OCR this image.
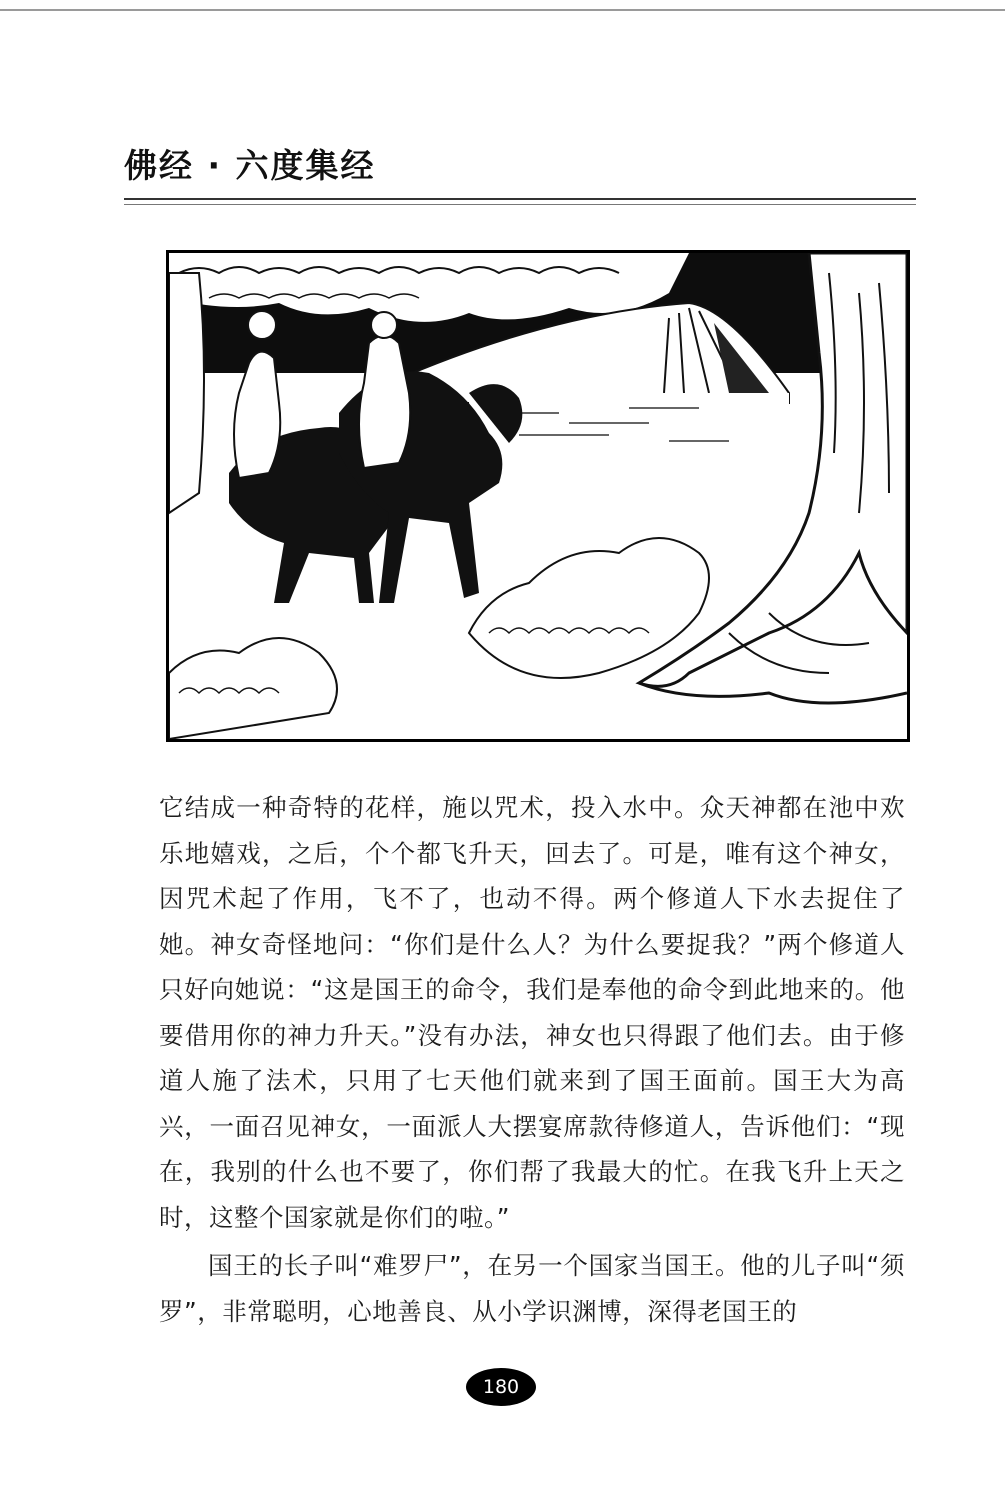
佛经 · 六度集经

它结成一种奇特的花样，施以咒术，投入水中。众天神都在池中欢乐地嬉戏，之后，个个都飞升天，回去了。可是，唯有这个神女，因咒术起了作用，飞不了，也动不得。两个修道人下水去捉住了她。神女奇怪地问：“你们是什么人？为什么要捉我？”两个修道人只好向她说：“这是国王的命令，我们是奉他的命令到此地来的。他要借用你的神力升天。”没有办法，神女也只得跟了他们去。由于修道人施了法术，只用了七天他们就来到了国王面前。国王大为高兴，一面召见神女，一面派人大摆宴席款待修道人，告诉他们：“现在，我别的什么也不要了，你们帮了我最大的忙。在我飞升上天之时，这整个国家就是你们的啦。”

国王的长子叫“难罗尸”，在另一个国家当国王。他的儿子叫“须罗”，非常聪明，心地善良、从小学识渊博，深得老国王的

180
